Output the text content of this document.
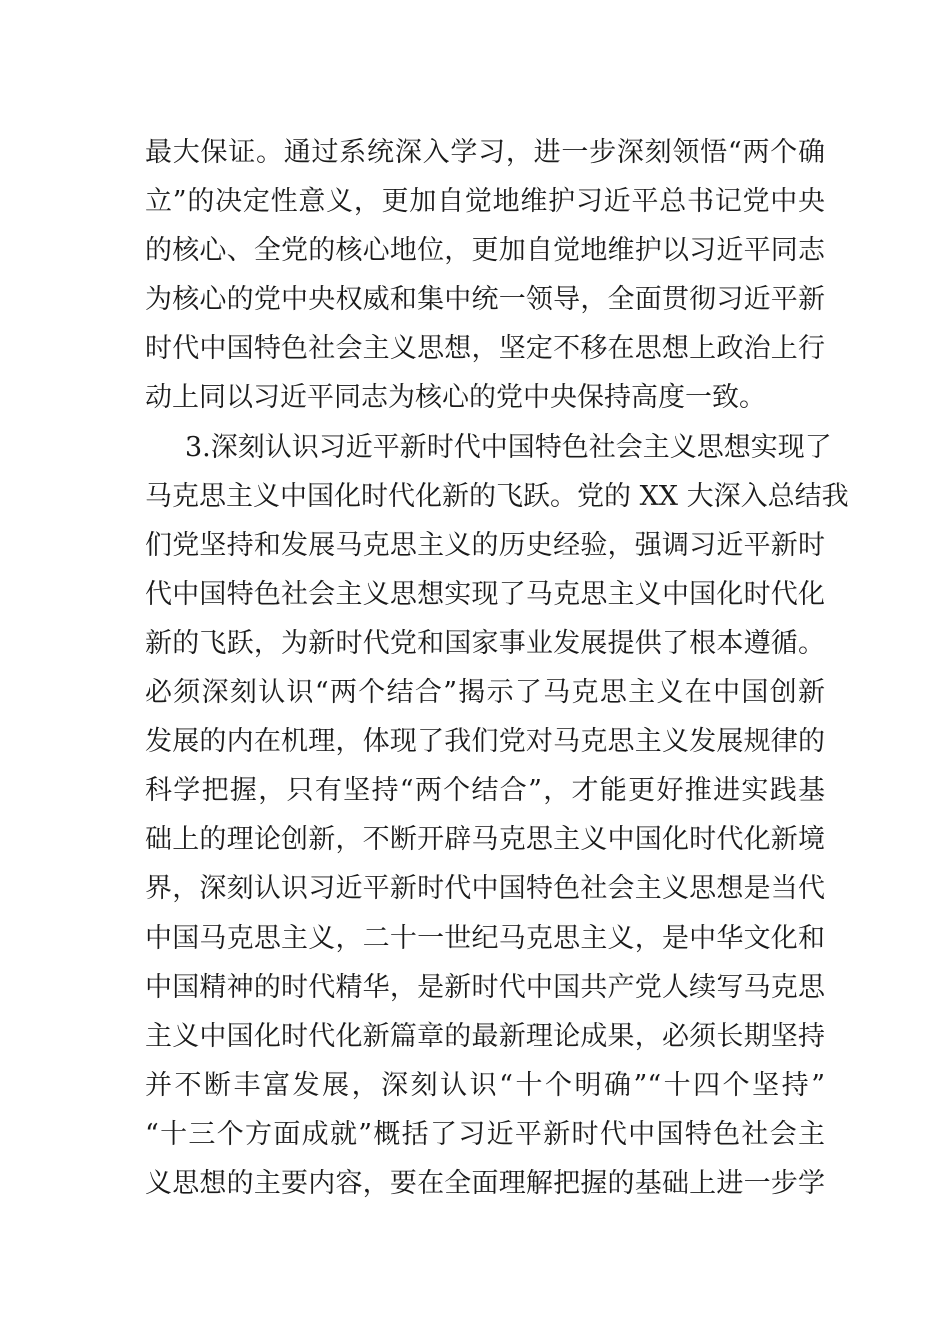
最大保证。通过系统深入学习，进一步深刻领悟“两个确
立”的决定性意义，更加自觉地维护习近平总书记党中央
的核心、全党的核心地位，更加自觉地维护以习近平同志
为核心的党中央权威和集中统一领导，全面贯彻习近平新
时代中国特色社会主义思想，坚定不移在思想上政治上行
动上同以习近平同志为核心的党中央保持高度一致。
3.深刻认识习近平新时代中国特色社会主义思想实现了
马克思主义中国化时代化新的飞跃。党的 XX 大深入总结我
们党坚持和发展马克思主义的历史经验，强调习近平新时
代中国特色社会主义思想实现了马克思主义中国化时代化
新的飞跃，为新时代党和国家事业发展提供了根本遵循。
必须深刻认识“两个结合”揭示了马克思主义在中国创新
发展的内在机理，体现了我们党对马克思主义发展规律的
科学把握，只有坚持“两个结合”，才能更好推进实践基
础上的理论创新，不断开辟马克思主义中国化时代化新境
界，深刻认识习近平新时代中国特色社会主义思想是当代
中国马克思主义，二十一世纪马克思主义，是中华文化和
中国精神的时代精华，是新时代中国共产党人续写马克思
主义中国化时代化新篇章的最新理论成果，必须长期坚持
并不断丰富发展，深刻认识“十个明确”“十四个坚持”
“十三个方面成就”概括了习近平新时代中国特色社会主
义思想的主要内容，要在全面理解把握的基础上进一步学
